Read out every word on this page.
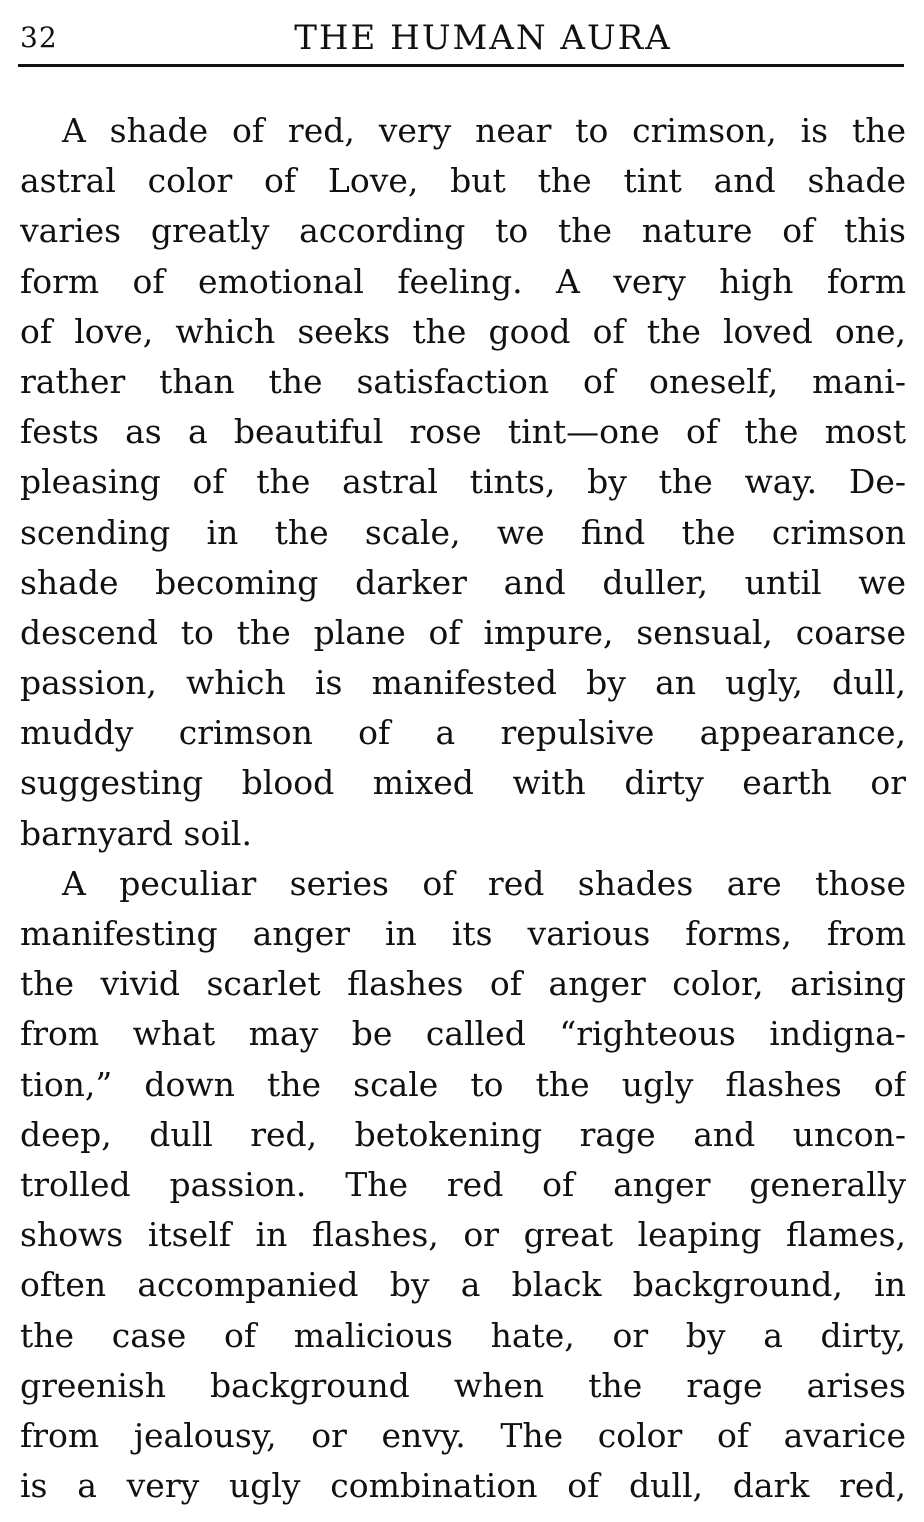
32	THE HUMAN AURA
A shade of red, very near to crimson, is the
astral color of Love, but the tint and shade
varies greatly according to the nature of this
form of emotional feeling. A very high form
of love, which seeks the good of the loved one,
rather than the satisfaction of oneself, mani-
fests as a beautiful rose tint—one of the most
pleasing of the astral tints, by the way. De-
scending in the scale, we find the crimson
shade becoming darker and duller, until we
descend to the plane of impure, sensual, coarse
passion, which is manifested by an ugly, dull,
muddy crimson of a repulsive appearance,
suggesting blood mixed with dirty earth or
barnyard soil.
A peculiar series of red shades are those
manifesting anger in its various forms, from
the vivid scarlet flashes of anger color, arising
from what may be called “righteous indigna-
tion,” down the scale to the ugly flashes of
deep, dull red, betokening rage and uncon-
trolled passion. The red of anger generally
shows itself in flashes, or great leaping flames,
often accompanied by a black background, in
the case of malicious hate, or by a dirty,
greenish background when the rage arises
from jealousy, or envy. The color of avarice
is a very ugly combination of dull, dark red,
